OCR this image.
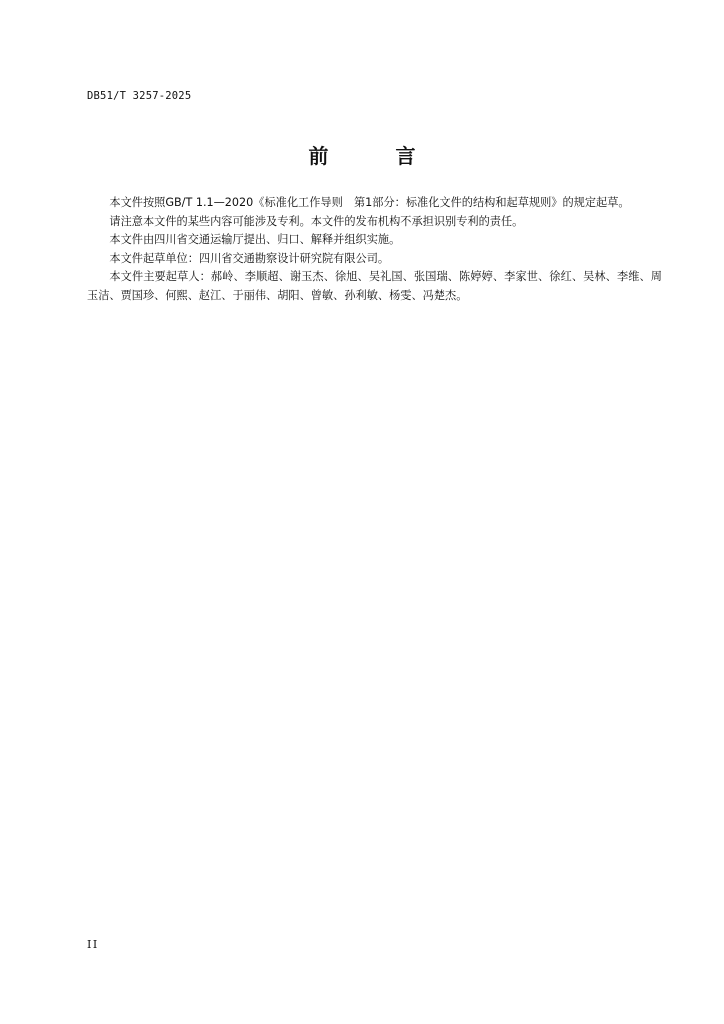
DB51/T 3257-2025
前 言

本文件按照GB/T 1.1—2020《标准化工作导则　第1部分：标准化文件的结构和起草规则》的规定起草。

请注意本文件的某些内容可能涉及专利。本文件的发布机构不承担识别专利的责任。

本文件由四川省交通运输厅提出、归口、解释并组织实施。

本文件起草单位：四川省交通勘察设计研究院有限公司。

本文件主要起草人：郝岭、李顺超、谢玉杰、徐旭、吴礼国、张国瑞、陈婷婷、李家世、徐红、吴林、李维、周玉洁、贾国珍、何熙、赵江、于丽伟、胡阳、曾敏、孙利敏、杨雯、冯楚杰。

II
